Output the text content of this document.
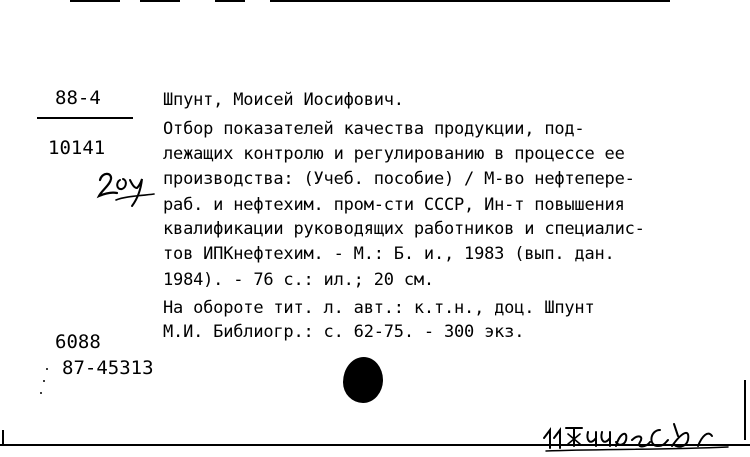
88-4
10141
Шпунт, Моисей Иосифович.
Отбор показателей качества продукции, под-
лежащих контролю и регулированию в процессе ее
производства: (Учеб. пособие) / М-во нефтепере-
раб. и нефтехим. пром-сти СССР, Ин-т повышения
квалификации руководящих работников и специалис-
тов ИПКнефтехим. - М.: Б. и., 1983 (вып. дан.
1984). - 76 с.: ил.; 20 см.
На обороте тит. л. авт.: к.т.н., доц. Шпунт
М.И. Библиогр.: с. 62-75. - 300 экз.
6088
87-45313
